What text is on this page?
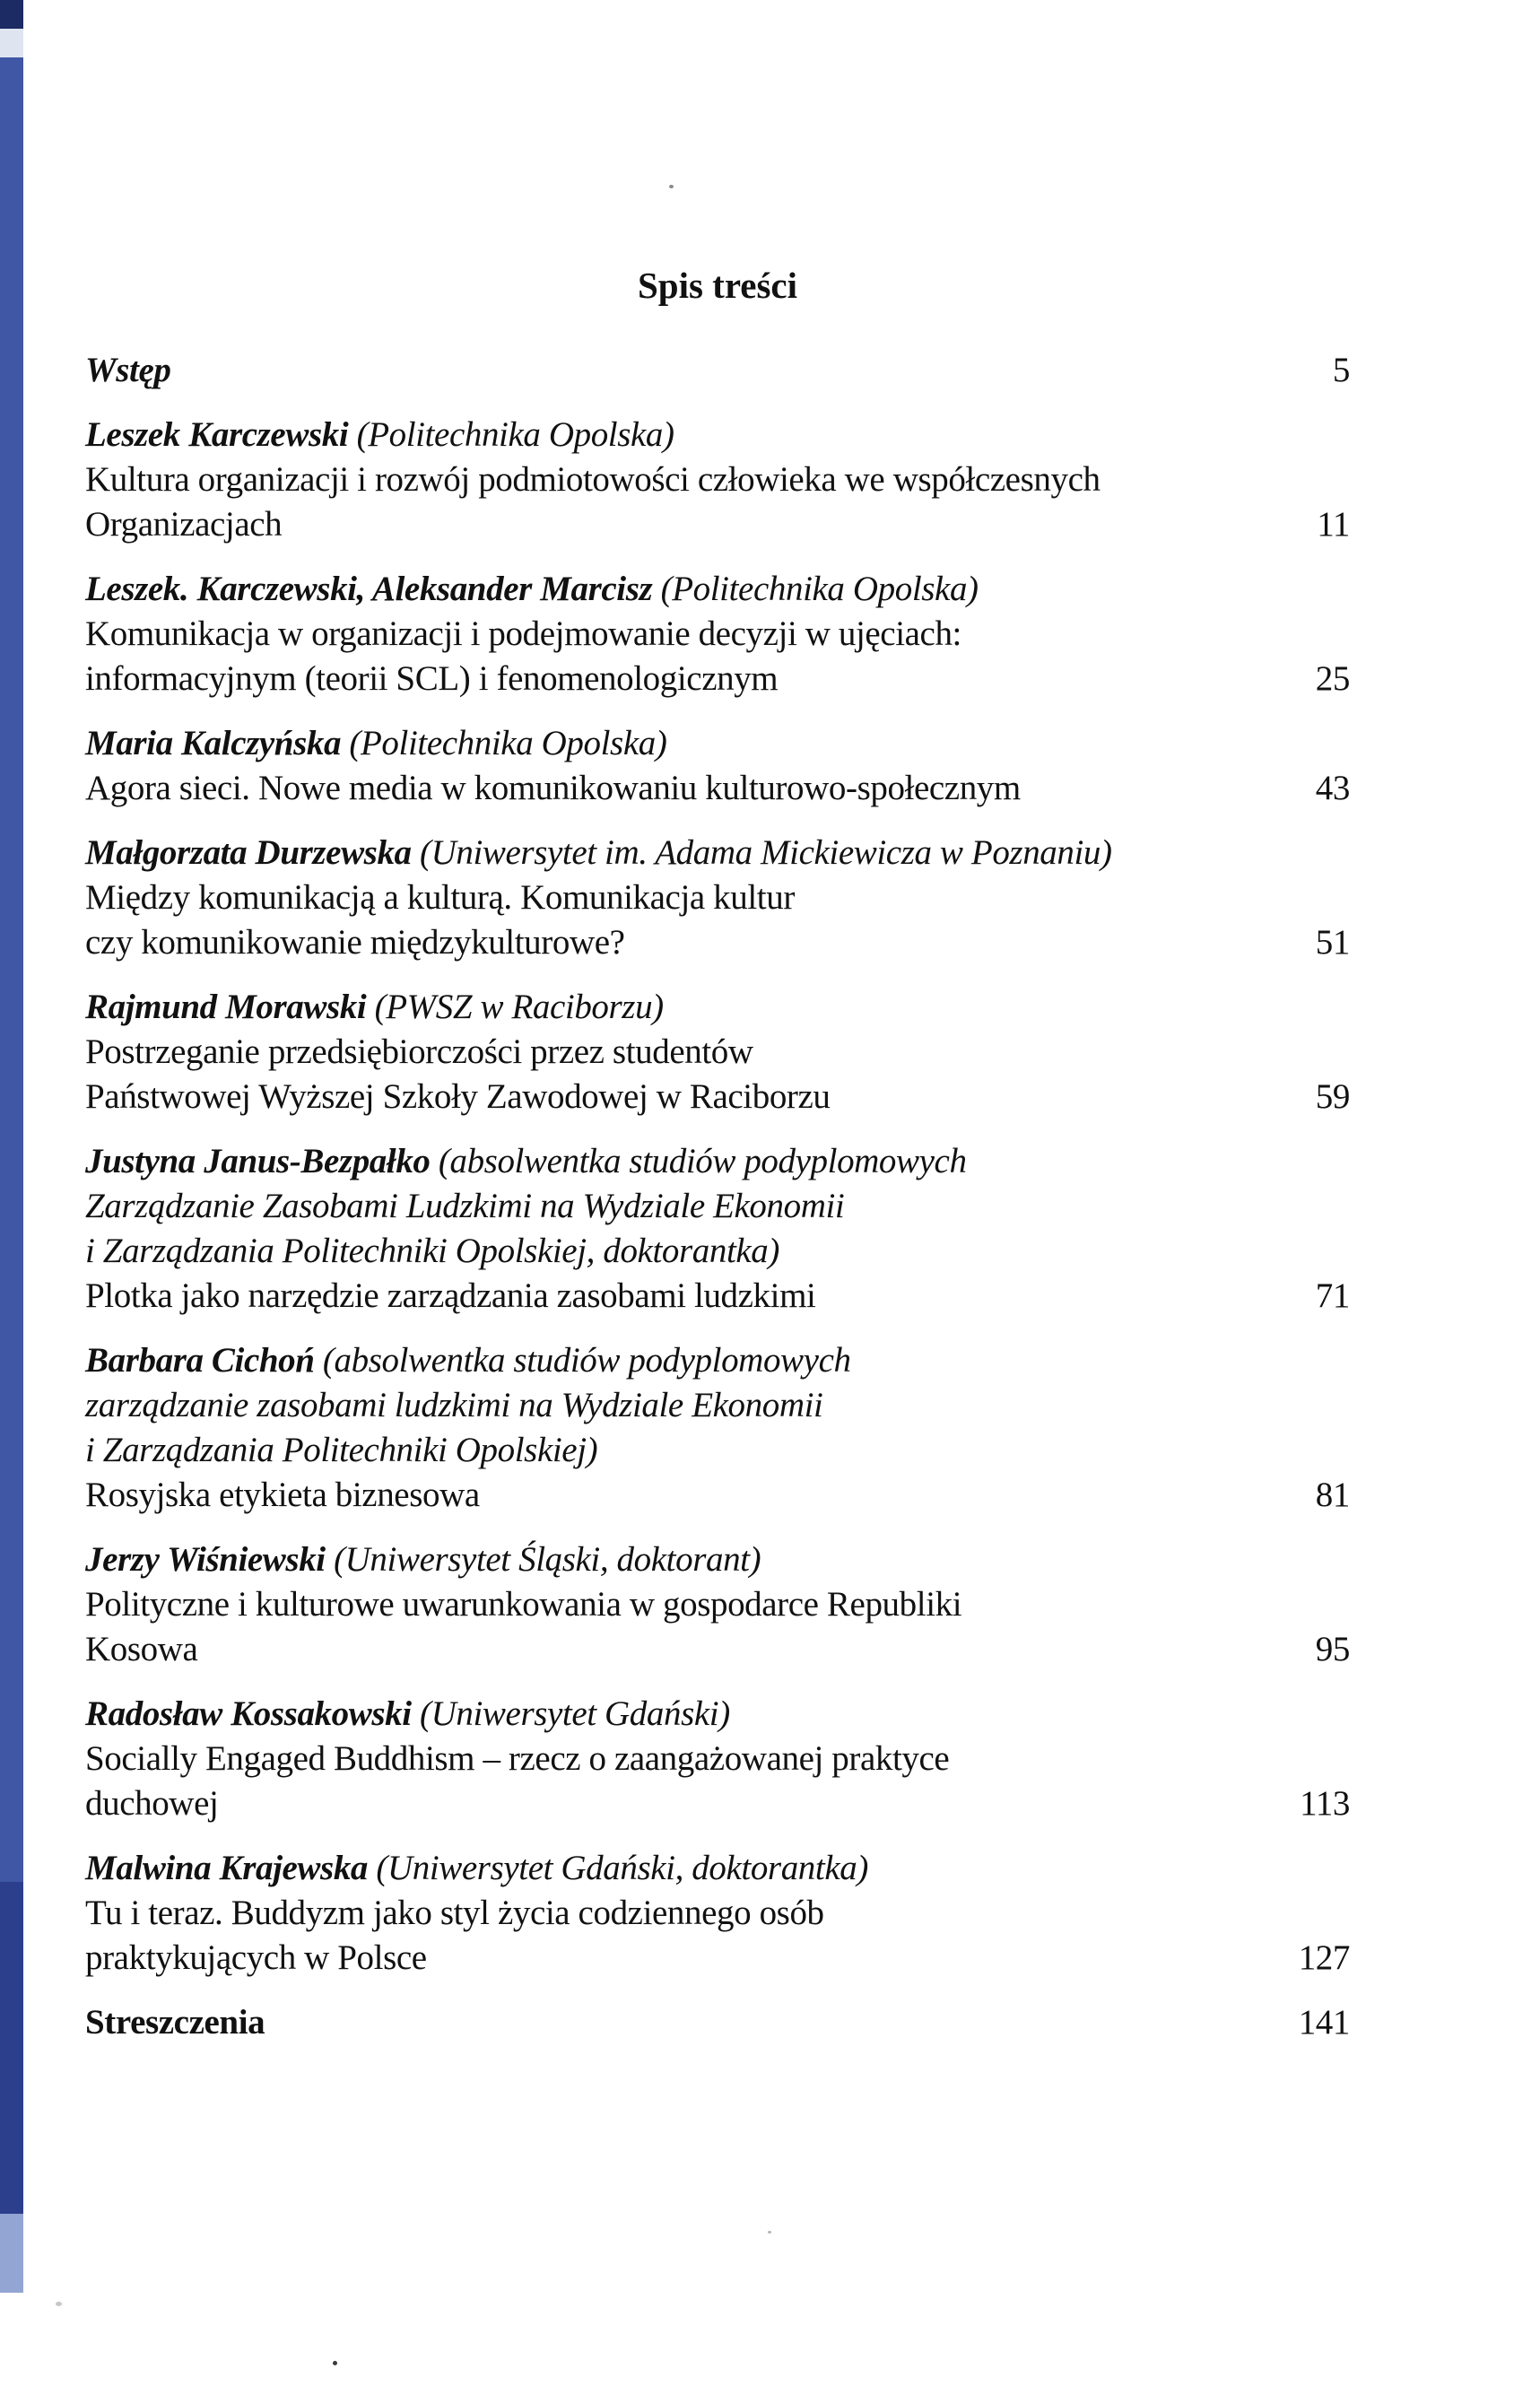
Spis treści
Wstęp	5
Leszek Karczewski (Politechnika Opolska)
Kultura organizacji i rozwój podmiotowości człowieka we współczesnych
Organizacjach	11
Leszek. Karczewski, Aleksander Marcisz (Politechnika Opolska)
Komunikacja w organizacji i podejmowanie decyzji w ujęciach:
informacyjnym (teorii SCL) i fenomenologicznym	25
Maria Kalczyńska (Politechnika Opolska)
Agora sieci. Nowe media w komunikowaniu kulturowo-społecznym	43
Małgorzata Durzewska (Uniwersytet im. Adama Mickiewicza w Poznaniu)
Między komunikacją a kulturą. Komunikacja kultur
czy komunikowanie międzykulturowe?	51
Rajmund Morawski (PWSZ w Raciborzu)
Postrzeganie przedsiębiorczości przez studentów
Państwowej Wyższej Szkoły Zawodowej w Raciborzu	59
Justyna Janus-Bezpałko (absolwentka studiów podyplomowych
Zarządzanie Zasobami Ludzkimi na Wydziale Ekonomii
i Zarządzania Politechniki Opolskiej, doktorantka)
Plotka jako narzędzie zarządzania zasobami ludzkimi	71
Barbara Cichoń (absolwentka studiów podyplomowych
zarządzanie zasobami ludzkimi na Wydziale Ekonomii
i Zarządzania Politechniki Opolskiej)
Rosyjska etykieta biznesowa	81
Jerzy Wiśniewski (Uniwersytet Śląski, doktorant)
Polityczne i kulturowe uwarunkowania w gospodarce Republiki
Kosowa	95
Radosław Kossakowski (Uniwersytet Gdański)
Socially Engaged Buddhism – rzecz o zaangażowanej praktyce
duchowej	113
Malwina Krajewska (Uniwersytet Gdański, doktorantka)
Tu i teraz. Buddyzm jako styl życia codziennego osób
praktykujących w Polsce	127
Streszczenia	141
